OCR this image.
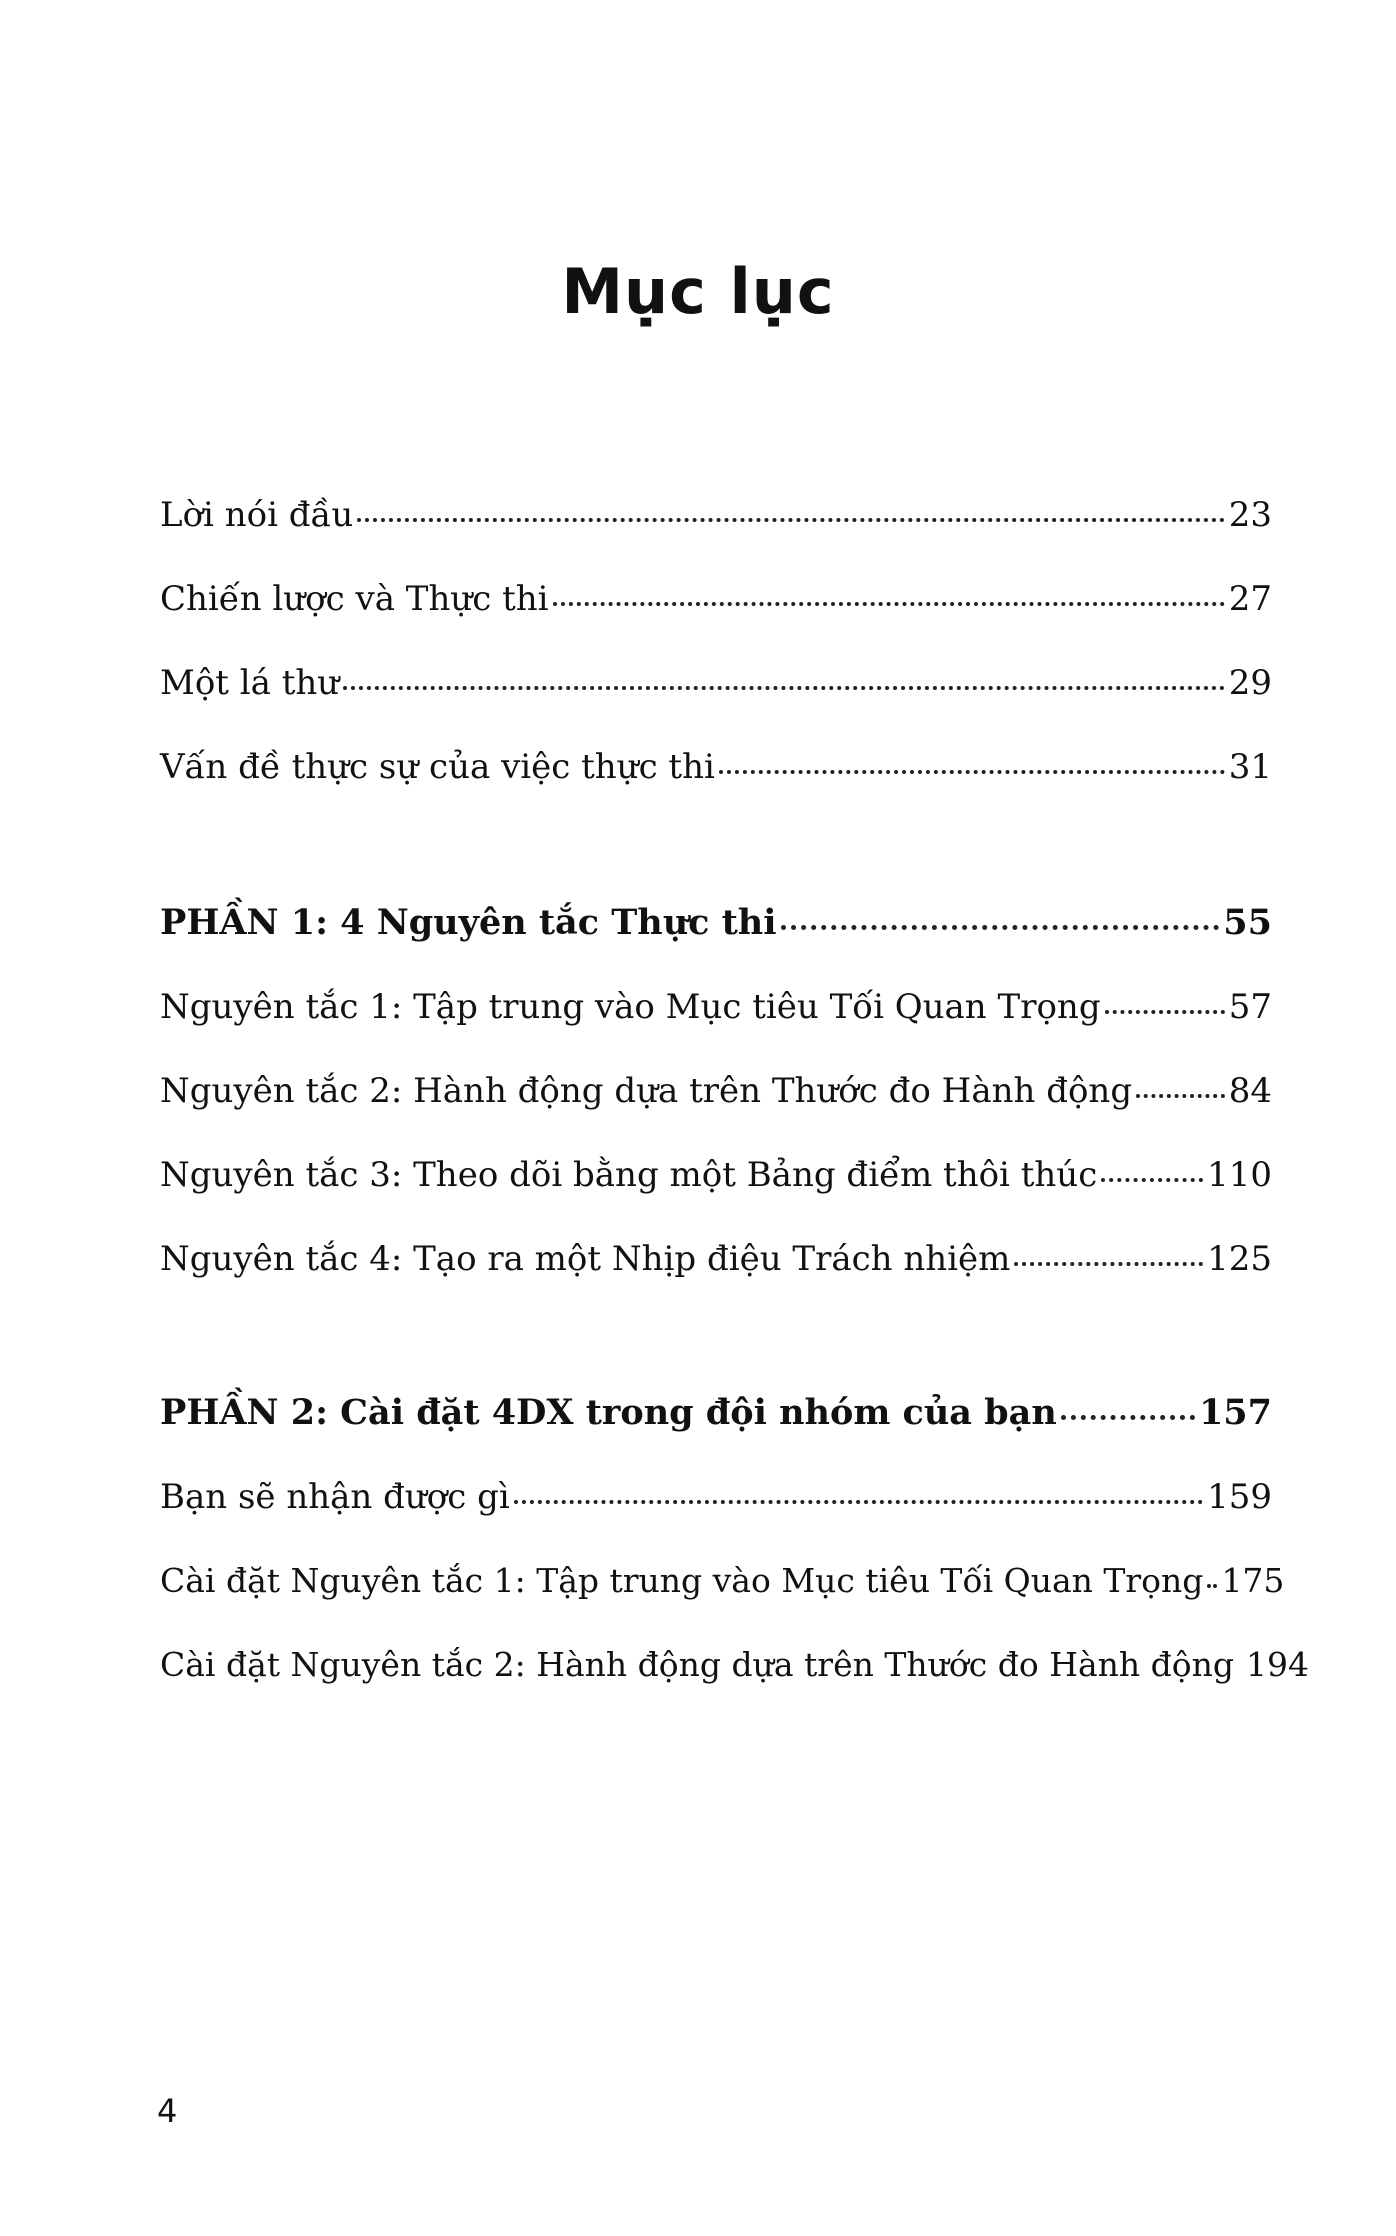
Mục lục
Lời nói đầu	23
Chiến lược và Thực thi	27
Một lá thư	29
Vấn đề thực sự của việc thực thi	31
PHẦN 1: 4 Nguyên tắc Thực thi	55
Nguyên tắc 1: Tập trung vào Mục tiêu Tối Quan Trọng	57
Nguyên tắc 2: Hành động dựa trên Thước đo Hành động	84
Nguyên tắc 3: Theo dõi bằng một Bảng điểm thôi thúc	110
Nguyên tắc 4: Tạo ra một Nhịp điệu Trách nhiệm	125
PHẦN 2: Cài đặt 4DX trong đội nhóm của bạn	157
Bạn sẽ nhận được gì	159
Cài đặt Nguyên tắc 1: Tập trung vào Mục tiêu Tối Quan Trọng 175
Cài đặt Nguyên tắc 2: Hành động dựa trên Thước đo Hành động 194
4
